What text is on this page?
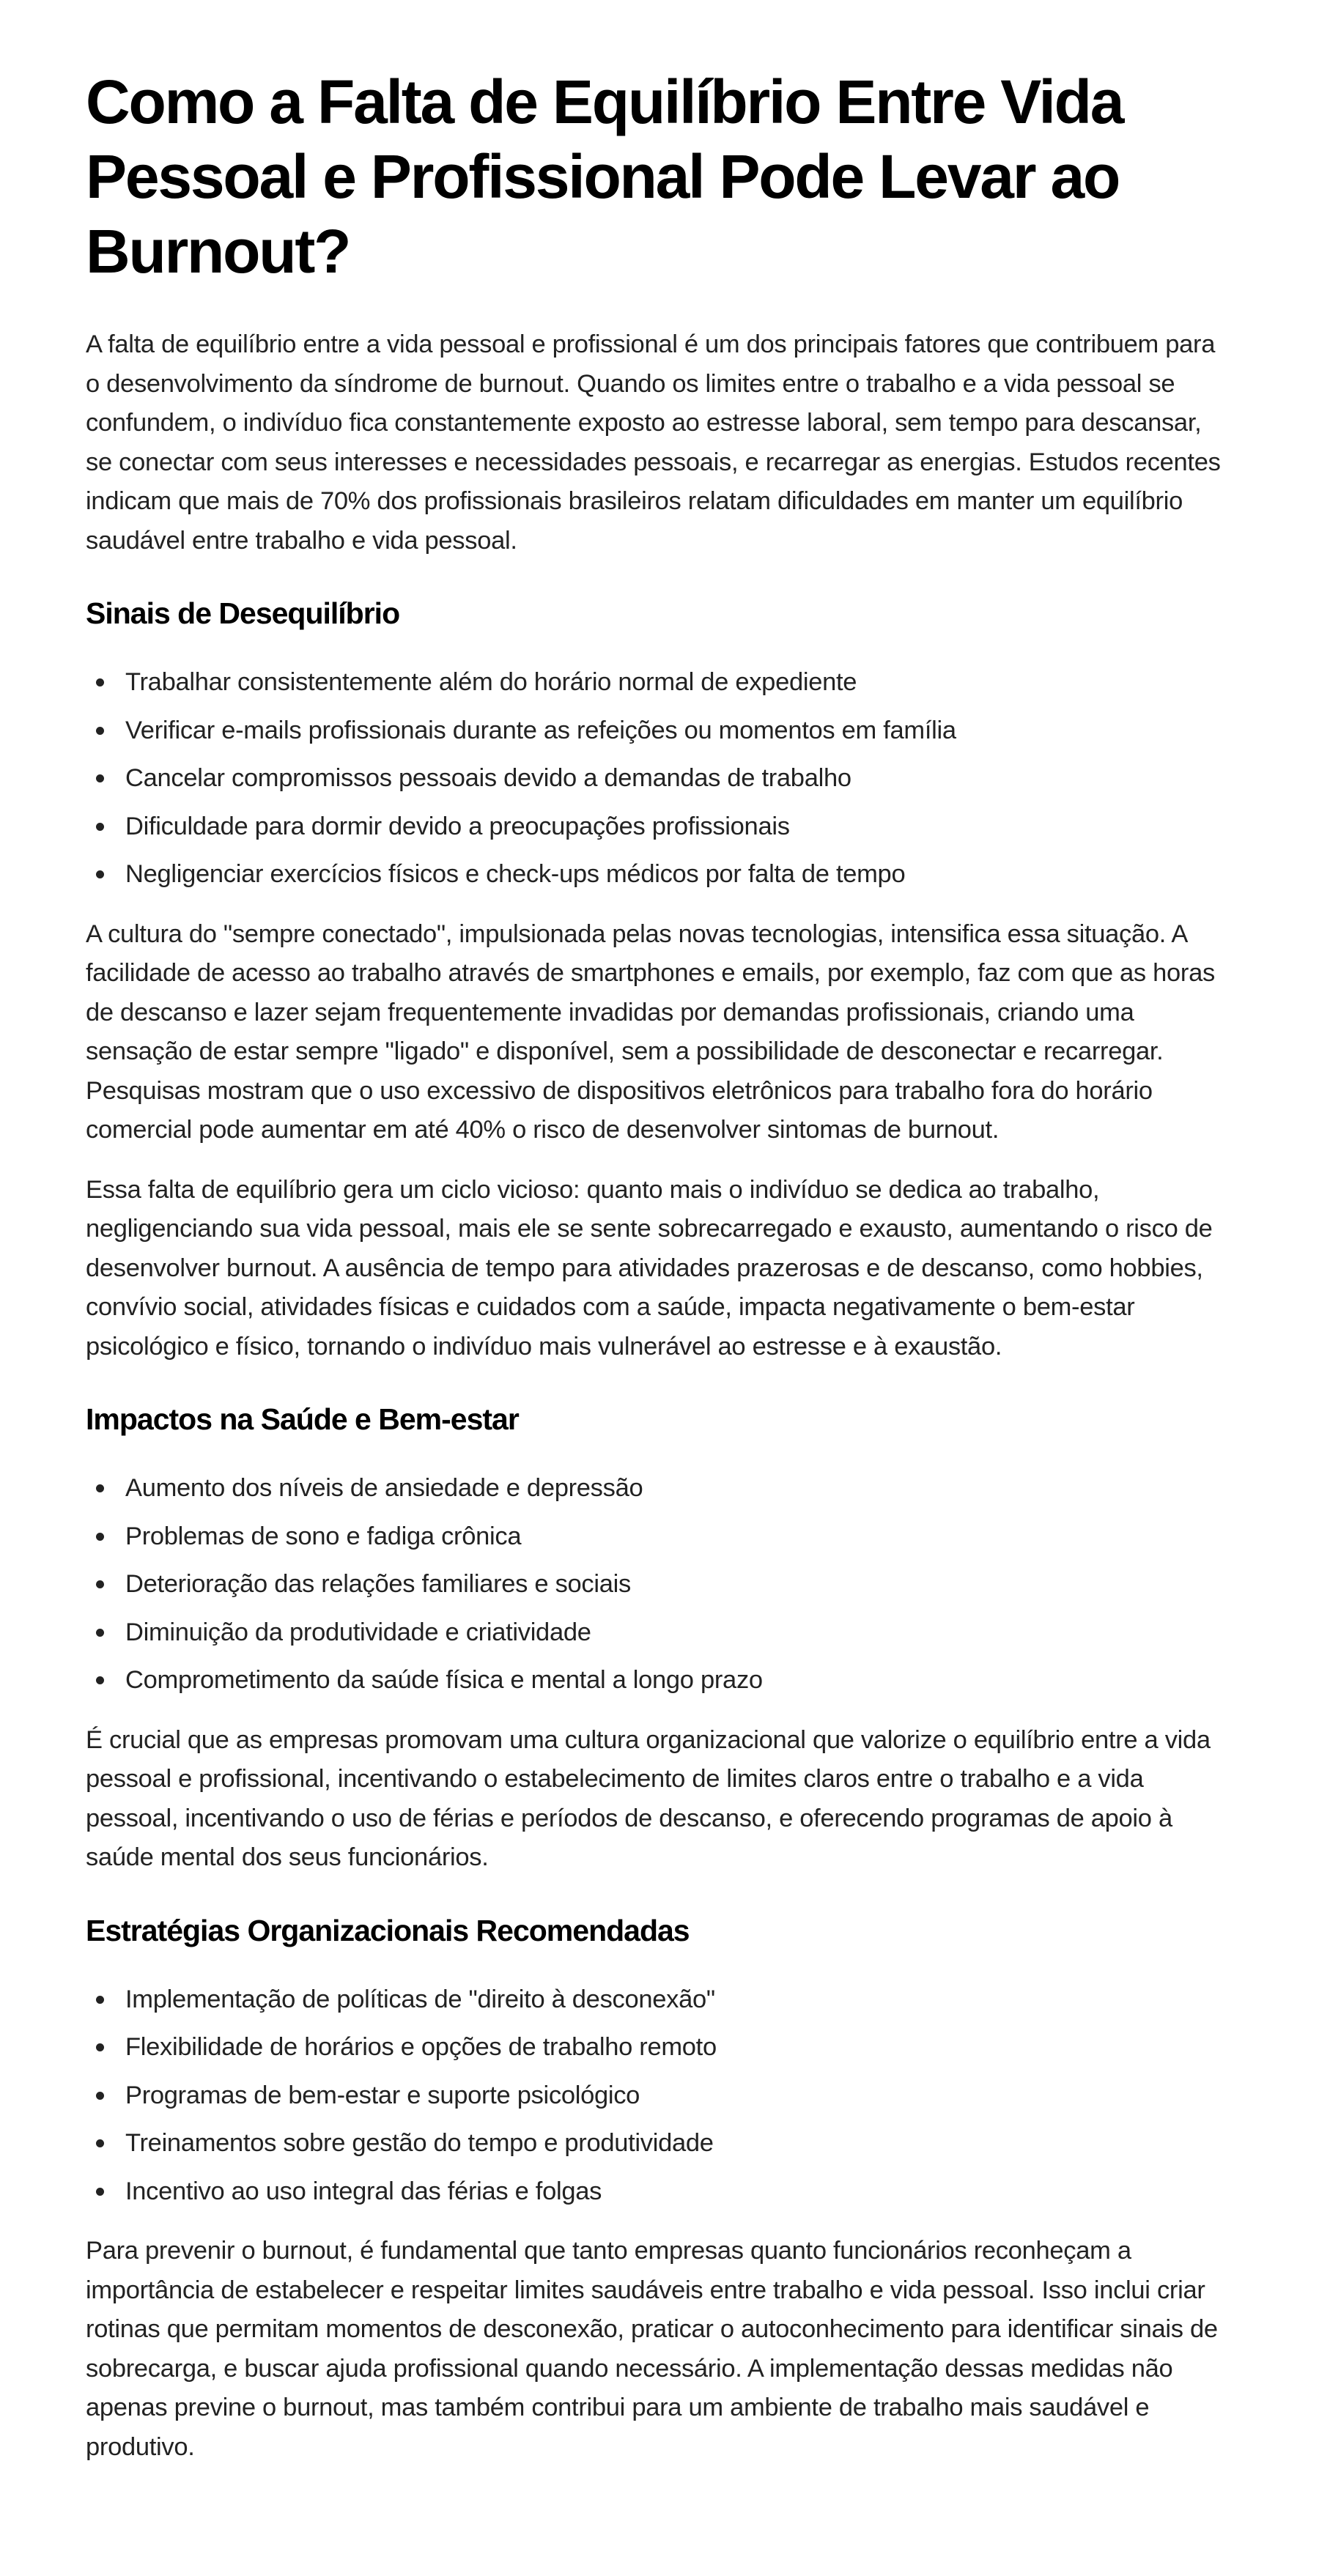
Como a Falta de Equilíbrio Entre Vida Pessoal e Profissional Pode Levar ao Burnout?

A falta de equilíbrio entre a vida pessoal e profissional é um dos principais fatores que contribuem para o desenvolvimento da síndrome de burnout. Quando os limites entre o trabalho e a vida pessoal se confundem, o indivíduo fica constantemente exposto ao estresse laboral, sem tempo para descansar, se conectar com seus interesses e necessidades pessoais, e recarregar as energias. Estudos recentes indicam que mais de 70% dos profissionais brasileiros relatam dificuldades em manter um equilíbrio saudável entre trabalho e vida pessoal.

Sinais de Desequilíbrio
Trabalhar consistentemente além do horário normal de expediente
Verificar e-mails profissionais durante as refeições ou momentos em família
Cancelar compromissos pessoais devido a demandas de trabalho
Dificuldade para dormir devido a preocupações profissionais
Negligenciar exercícios físicos e check-ups médicos por falta de tempo

A cultura do "sempre conectado", impulsionada pelas novas tecnologias, intensifica essa situação. A facilidade de acesso ao trabalho através de smartphones e emails, por exemplo, faz com que as horas de descanso e lazer sejam frequentemente invadidas por demandas profissionais, criando uma sensação de estar sempre "ligado" e disponível, sem a possibilidade de desconectar e recarregar. Pesquisas mostram que o uso excessivo de dispositivos eletrônicos para trabalho fora do horário comercial pode aumentar em até 40% o risco de desenvolver sintomas de burnout.

Essa falta de equilíbrio gera um ciclo vicioso: quanto mais o indivíduo se dedica ao trabalho, negligenciando sua vida pessoal, mais ele se sente sobrecarregado e exausto, aumentando o risco de desenvolver burnout. A ausência de tempo para atividades prazerosas e de descanso, como hobbies, convívio social, atividades físicas e cuidados com a saúde, impacta negativamente o bem-estar psicológico e físico, tornando o indivíduo mais vulnerável ao estresse e à exaustão.

Impactos na Saúde e Bem-estar
Aumento dos níveis de ansiedade e depressão
Problemas de sono e fadiga crônica
Deterioração das relações familiares e sociais
Diminuição da produtividade e criatividade
Comprometimento da saúde física e mental a longo prazo

É crucial que as empresas promovam uma cultura organizacional que valorize o equilíbrio entre a vida pessoal e profissional, incentivando o estabelecimento de limites claros entre o trabalho e a vida pessoal, incentivando o uso de férias e períodos de descanso, e oferecendo programas de apoio à saúde mental dos seus funcionários.

Estratégias Organizacionais Recomendadas
Implementação de políticas de "direito à desconexão"
Flexibilidade de horários e opções de trabalho remoto
Programas de bem-estar e suporte psicológico
Treinamentos sobre gestão do tempo e produtividade
Incentivo ao uso integral das férias e folgas

Para prevenir o burnout, é fundamental que tanto empresas quanto funcionários reconheçam a importância de estabelecer e respeitar limites saudáveis entre trabalho e vida pessoal. Isso inclui criar rotinas que permitam momentos de desconexão, praticar o autoconhecimento para identificar sinais de sobrecarga, e buscar ajuda profissional quando necessário. A implementação dessas medidas não apenas previne o burnout, mas também contribui para um ambiente de trabalho mais saudável e produtivo.
